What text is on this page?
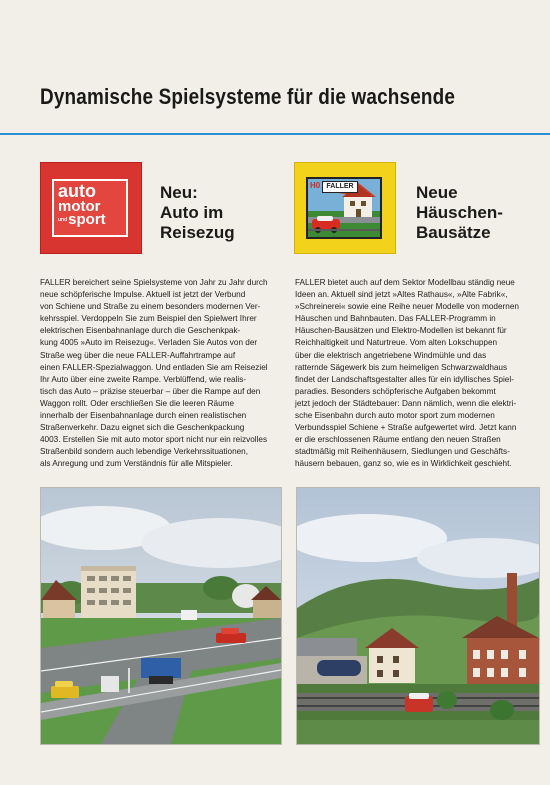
Dynamische Spielsysteme für die wachsende
auto
motor
undsport
H0 FALLER
Neu:
Auto im
Reisezug
Neue
Häuschen-
Bausätze
FALLER bereichert seine Spielsysteme von Jahr zu Jahr durch
neue schöpferische Impulse. Aktuell ist jetzt der Verbund
von Schiene und Straße zu einem besonders modernen Ver-
kehrsspiel. Verdoppeln Sie zum Beispiel den Spielwert Ihrer
elektrischen Eisenbahnanlage durch die Geschenkpak-
kung 4005 »Auto im Reisezug«. Verladen Sie Autos von der
Straße weg über die neue FALLER-Auffahrtrampe auf
einen FALLER-Spezialwaggon. Und entladen Sie am Reiseziel
Ihr Auto über eine zweite Rampe. Verblüffend, wie realis-
tisch das Auto – präzise steuerbar – über die Rampe auf den
Waggon rollt. Oder erschließen Sie die leeren Räume
innerhalb der Eisenbahnanlage durch einen realistischen
Straßenverkehr. Dazu eignet sich die Geschenkpackung
4003. Erstellen Sie mit auto motor sport nicht nur ein reizvolles
Straßenbild sondern auch lebendige Verkehrssituationen,
als Anregung und zum Verständnis für alle Mitspieler.
FALLER bietet auch auf dem Sektor Modellbau ständig neue
Ideen an. Aktuell sind jetzt »Altes Rathaus«, »Alte Fabrik«,
»Schreinerei« sowie eine Reihe neuer Modelle von modernen
Häuschen und Bahnbauten. Das FALLER-Programm in
Häuschen-Bausätzen und Elektro-Modellen ist bekannt für
Reichhaltigkeit und Naturtreue. Vom alten Lokschuppen
über die elektrisch angetriebene Windmühle und das
ratternde Sägewerk bis zum heimeligen Schwarzwaldhaus
findet der Landschaftsgestalter alles für ein idyllisches Spiel-
paradies. Besonders schöpferische Aufgaben bekommt
jetzt jedoch der Städtebauer: Dann nämlich, wenn die elektri-
sche Eisenbahn durch auto motor sport zum modernen
Verbundsspiel Schiene + Straße aufgewertet wird. Jetzt kann
er die erschlossenen Räume entlang den neuen Straßen
stadtmäßig mit Reihenhäusern, Siedlungen und Geschäfts-
häusern bebauen, ganz so, wie es in Wirklichkeit geschieht.
